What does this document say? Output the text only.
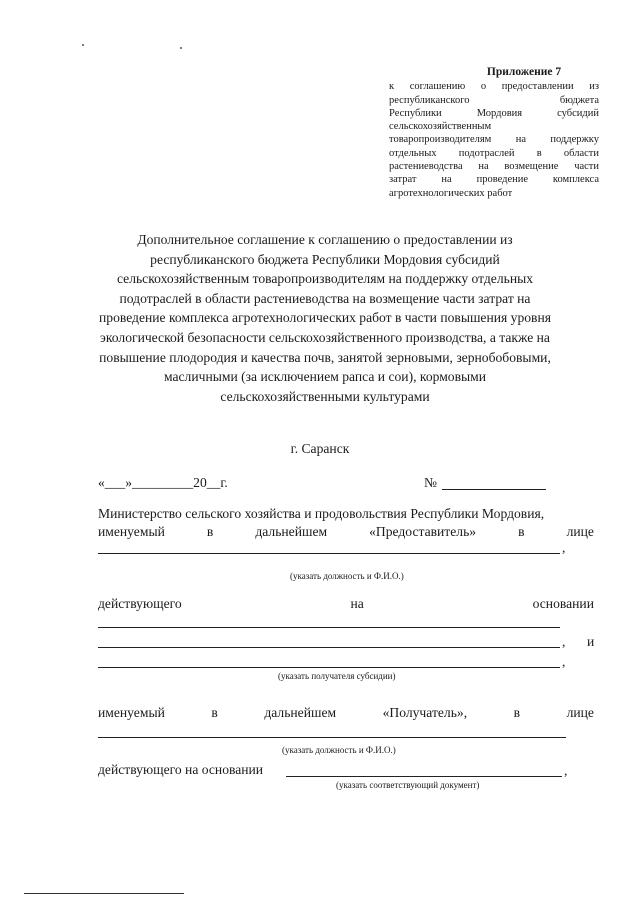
Приложение 7
к соглашению о предоставлении из
республиканского бюджета
Республики Мордовия субсидий
сельскохозяйственным
товаропроизводителям на поддержку
отдельных подотраслей в области
растениеводства на возмещение части
затрат на проведение комплекса
агротехнологических работ
Дополнительное соглашение к соглашению о предоставлении из
республиканского бюджета Республики Мордовия субсидий
сельскохозяйственным товаропроизводителям на поддержку отдельных
подотраслей в области растениеводства на возмещение части затрат на
проведение комплекса агротехнологических работ в части повышения уровня
экологической безопасности сельскохозяйственного производства, а также на
повышение плодородия и качества почв, занятой зерновыми, зернобобовыми,
масличными (за исключением рапса и сои), кормовыми
сельскохозяйственными культурами
г. Саранск
«___»_________20__г.	№
Министерство сельского хозяйства и продовольствия Республики Мордовия,
именуемый	в	дальнейшем	«Предоставитель»	в	лице
,
(указать должность и Ф.И.О.)
действующего	на	основании
, и
,
(указать получателя субсидии)
именуемый	в	дальнейшем	«Получатель»,	в	лице
(указать должность и Ф.И.О.)
действующего на основании	,
(указать соответствующий документ)
